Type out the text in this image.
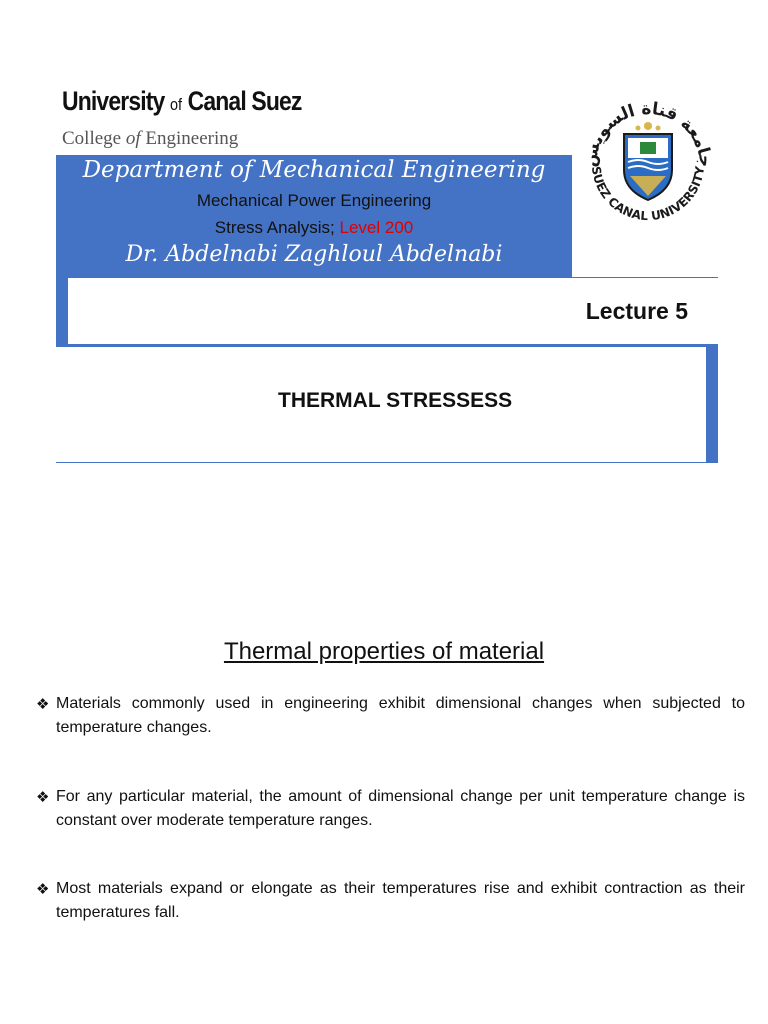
University of Canal Suez
College of Engineering
Department of Mechanical Engineering
Mechanical Power Engineering
Stress Analysis; Level 200
Dr. Abdelnabi Zaghloul Abdelnabi
جامعة قناة السويس
SUEZ CANAL UNIVERSITY
Lecture 5
THERMAL STRESSESS
Thermal properties of material
❖ Materials commonly used in engineering exhibit dimensional changes when subjected to temperature changes.
❖ For any particular material, the amount of dimensional change per unit temperature change is constant over moderate temperature ranges.
❖ Most materials expand or elongate as their temperatures rise and exhibit contraction as their temperatures fall.
